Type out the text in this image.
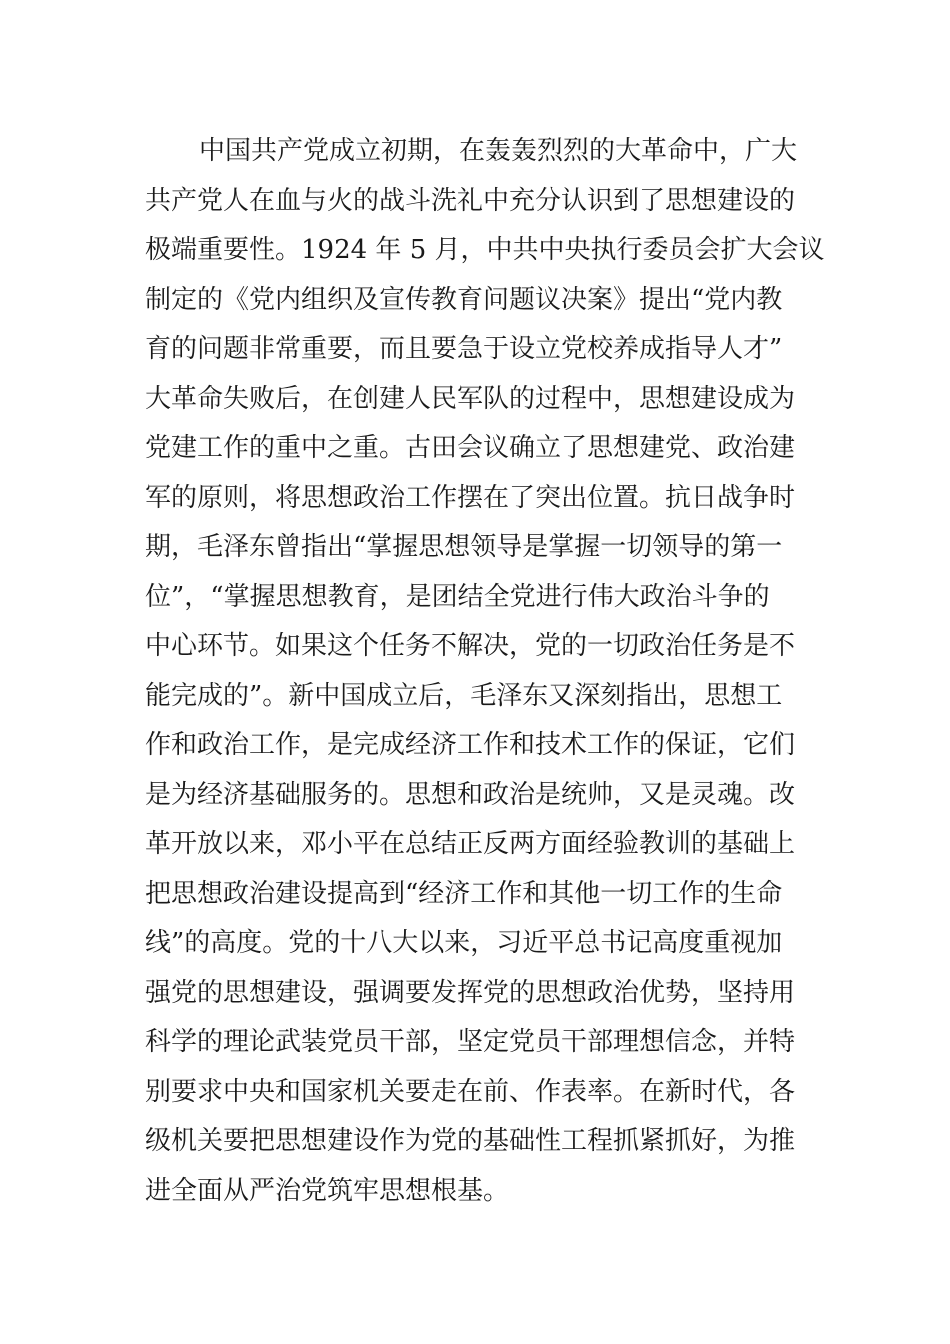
中国共产党成立初期，在轰轰烈烈的大革命中，广大
共产党人在血与火的战斗洗礼中充分认识到了思想建设的
极端重要性。1924 年 5 月，中共中央执行委员会扩大会议
制定的《党内组织及宣传教育问题议决案》提出“党内教
育的问题非常重要，而且要急于设立党校养成指导人才”
大革命失败后，在创建人民军队的过程中，思想建设成为
党建工作的重中之重。古田会议确立了思想建党、政治建
军的原则，将思想政治工作摆在了突出位置。抗日战争时
期，毛泽东曾指出“掌握思想领导是掌握一切领导的第一
位”，“掌握思想教育，是团结全党进行伟大政治斗争的
中心环节。如果这个任务不解决，党的一切政治任务是不
能完成的”。新中国成立后，毛泽东又深刻指出，思想工
作和政治工作，是完成经济工作和技术工作的保证，它们
是为经济基础服务的。思想和政治是统帅，又是灵魂。改
革开放以来，邓小平在总结正反两方面经验教训的基础上
把思想政治建设提高到“经济工作和其他一切工作的生命
线”的高度。党的十八大以来，习近平总书记高度重视加
强党的思想建设，强调要发挥党的思想政治优势，坚持用
科学的理论武装党员干部，坚定党员干部理想信念，并特
别要求中央和国家机关要走在前、作表率。在新时代，各
级机关要把思想建设作为党的基础性工程抓紧抓好，为推
进全面从严治党筑牢思想根基。
